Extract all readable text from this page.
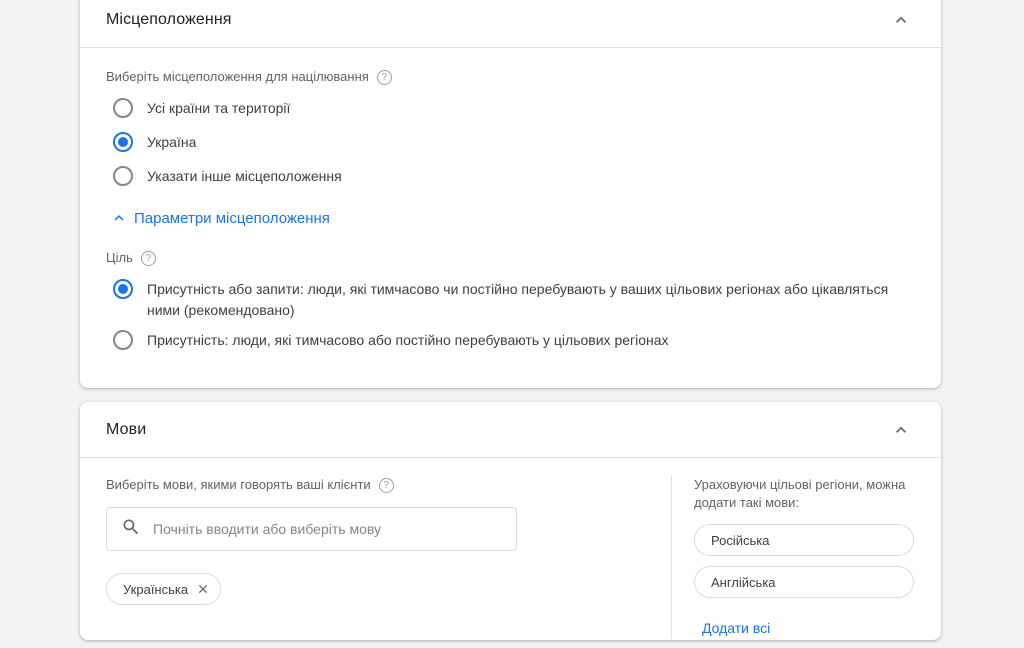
Місцеположення
Виберіть місцеположення для націлювання	?
Усі країни та території
Україна
Указати інше місцеположення
Параметри місцеположення
Ціль	?
Присутність або запити: люди, які тимчасово чи постійно перебувають у ваших цільових регіонах або цікавляться ними (рекомендовано)
Присутність: люди, які тимчасово або постійно перебувають у цільових регіонах
Мови
Виберіть мови, якими говорять ваші клієнти	?
Почніть вводити або виберіть мову
Українська
Ураховуючи цільові регіони, можна додати такі мови:
Російська
Англійська
Додати всі
